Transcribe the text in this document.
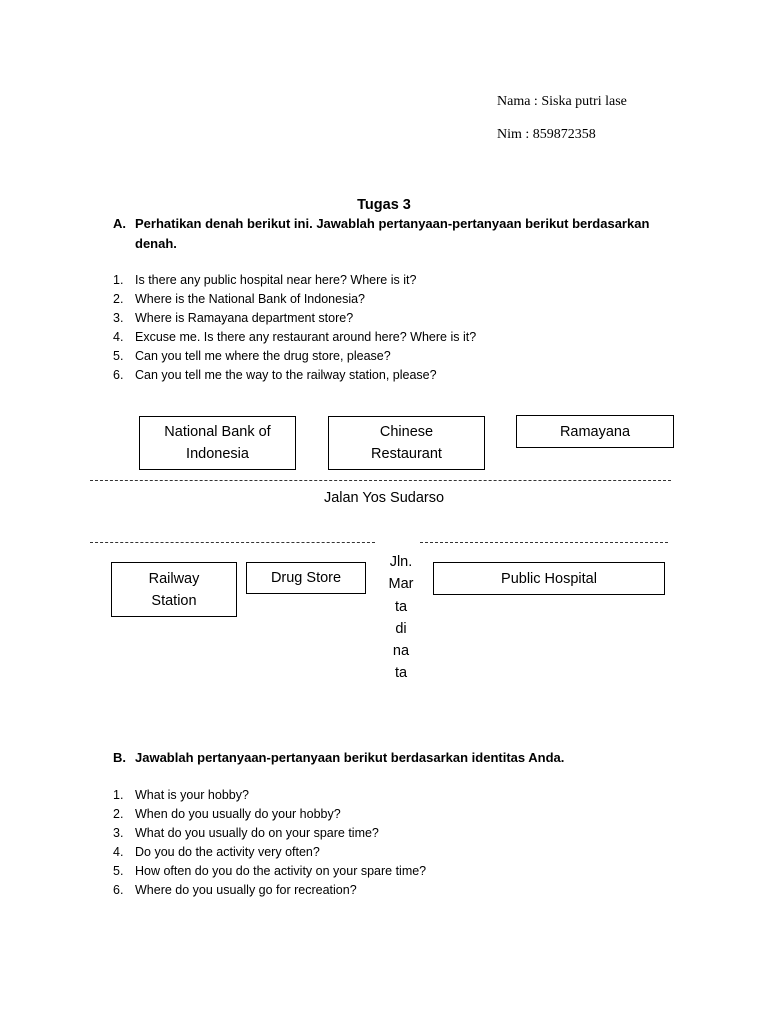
Nama : Siska putri lase
Nim : 859872358
Tugas 3
A. Perhatikan denah berikut ini. Jawablah pertanyaan-pertanyaan berikut berdasarkan
denah.
1. Is there any public hospital near here? Where is it?
2. Where is the National Bank of Indonesia?
3. Where is Ramayana department store?
4. Excuse me. Is there any restaurant around here? Where is it?
5. Can you tell me where the drug store, please?
6. Can you tell me the way to the railway station, please?
National Bank of
Indonesia
Chinese
Restaurant
Ramayana
Jalan Yos Sudarso
Railway
Station
Drug Store	Public Hospital
Jln.
Mar
ta
di
na
ta
B. Jawablah pertanyaan-pertanyaan berikut berdasarkan identitas Anda.
1. What is your hobby?
2. When do you usually do your hobby?
3. What do you usually do on your spare time?
4. Do you do the activity very often?
5. How often do you do the activity on your spare time?
6. Where do you usually go for recreation?
